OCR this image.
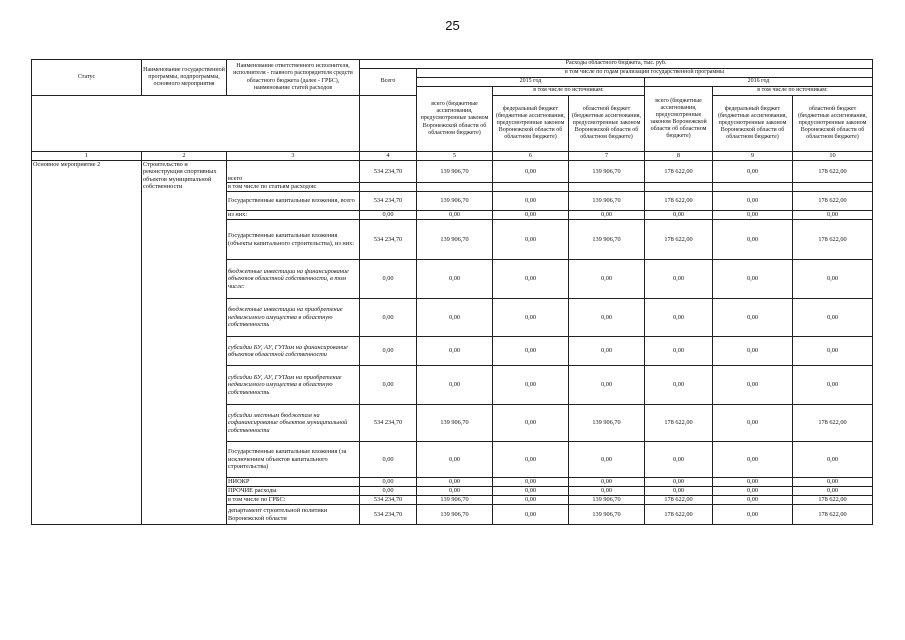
25
Статус	Наименование государственной программы, подпрограммы, основного мероприятия	Наименование ответственного исполнителя, исполнителя - главного распорядителя средств областного бюджета (далее - ГРБС), наименование статей расходов	Расходы областного бюджета, тыс. руб.						
			Всего	в том числе по годам реализации государственной программы					
				2015 год			2016 год		
				всего (бюджетные ассигнования, предусмотренные законом Воронежской области об областном бюджете)	в том числе по источникам:		всего (бюджетные ассигнования, предусмотренные законом Воронежской области об областном бюджете)	в том числе по источникам:	
					федеральный бюджет (бюджетные ассигнования, предусмотренные законом Воронежской области об областном бюджете)	областной бюджет (бюджетные ассигнования, предусмотренные законом Воронежской области об областном бюджете)		федеральный бюджет (бюджетные ассигнования, предусмотренные законом Воронежской области об областном бюджете)	областной бюджет (бюджетные ассигнования, предусмотренные законом Воронежской области об областном бюджете)
1	2	3	4	5	6	7	8	9	10
Основное мероприятие 2	Строительство и реконструкция спортивных объектов муниципальной собственности	всего	534 234,70	139 906,70	0,00	139 906,70	178 622,00	0,00	178 622,00
		в том числе по статьям расходов:							
		Государственные капитальные вложения, всего	534 234,70	139 906,70	0,00	139 906,70	178 622,00	0,00	178 622,00
		из них:	0,00	0,00	0,00	0,00	0,00	0,00	0,00
		Государственные капитальные вложения (объекты капитального строительства), из них:	534 234,70	139 906,70	0,00	139 906,70	178 622,00	0,00	178 622,00
		бюджетные инвестиции на финансирование объектов областной собственности, в том числе:	0,00	0,00	0,00	0,00	0,00	0,00	0,00
		бюджетные инвестиции на приобретение недвижимого имущества в областную собственность	0,00	0,00	0,00	0,00	0,00	0,00	0,00
		субсидии БУ, АУ, ГУПам на финансирование объектов областной собственности	0,00	0,00	0,00	0,00	0,00	0,00	0,00
		субсидии БУ, АУ, ГУПам на приобретение недвижимого имущества в областную собственность	0,00	0,00	0,00	0,00	0,00	0,00	0,00
		субсидии местным бюджетам на софинансирование объектов муниципальной собственности	534 234,70	139 906,70	0,00	139 906,70	178 622,00	0,00	178 622,00
		Государственные капитальные вложения (за исключением объектов капитального строительства)	0,00	0,00	0,00	0,00	0,00	0,00	0,00
		НИОКР	0,00	0,00	0,00	0,00	0,00	0,00	0,00
		ПРОЧИЕ расходы	0,00	0,00	0,00	0,00	0,00	0,00	0,00
		в том числе по ГРБС:	534 234,70	139 906,70	0,00	139 906,70	178 622,00	0,00	178 622,00
		департамент строительной политики Воронежской области	534 234,70	139 906,70	0,00	139 906,70	178 622,00	0,00	178 622,00
